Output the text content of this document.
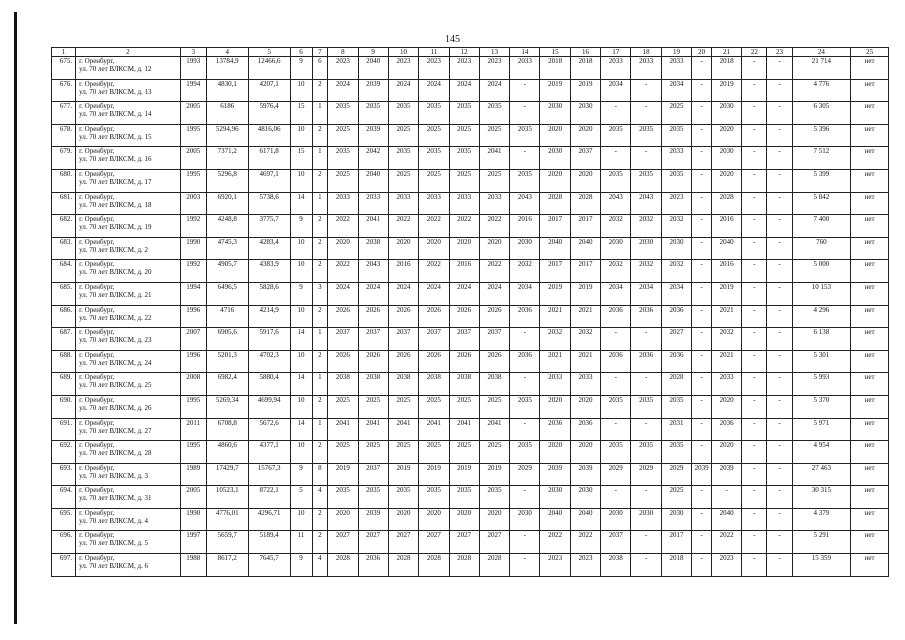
145
1	2	3	4	5	6	7	8	9	10	11	12	13	14	15	16	17	18	19	20	21	22	23	24	25
675.	г. Оренбург,
ул. 70 лет ВЛКСМ, д. 12	1993	13784,9	12466,6	9	6	2023	2040	2023	2023	2023	2023	2033	2018	2018	2033	2033	2033	-	2018	-	-	21 714	нет
676.	г. Оренбург,
ул. 70 лет ВЛКСМ, д. 13	1994	4830,1	4207,1	10	2	2024	2039	2024	2024	2024	2024	-	2019	2019	2034	-	2034	-	2019	-	-	4 776	нет
677.	г. Оренбург,
ул. 70 лет ВЛКСМ, д. 14	2005	6186	5976,4	15	1	2035	2035	2035	2035	2035	2035	-	2030	2030	-	-	2025	-	2030	-	-	6 305	нет
678.	г. Оренбург,
ул. 70 лет ВЛКСМ, д. 15	1995	5294,96	4816,06	10	2	2025	2039	2025	2025	2025	2025	2035	2020	2020	2035	2035	2035	-	2020	-	-	5 396	нет
679.	г. Оренбург,
ул. 70 лет ВЛКСМ, д. 16	2005	7371,2	6171,8	15	1	2035	2042	2035	2035	2035	2041	-	2030	2037	-	-	2033	-	2030	-	-	7 512	нет
680.	г. Оренбург,
ул. 70 лет ВЛКСМ, д. 17	1995	5296,8	4697,1	10	2	2025	2040	2025	2025	2025	2025	2035	2020	2020	2035	2035	2035	-	2020	-	-	5 399	нет
681.	г. Оренбург,
ул. 70 лет ВЛКСМ, д. 18	2003	6920,1	5738,6	14	1	2033	2033	2033	2033	2033	2033	2043	2028	2028	2043	2043	2023	-	2028	-	-	5 842	нет
682.	г. Оренбург,
ул. 70 лет ВЛКСМ, д. 19	1992	4248,8	3775,7	9	2	2022	2041	2022	2022	2022	2022	2016	2017	2017	2032	2032	2032	-	2016	-	-	7 400	нет
683.	г. Оренбург,
ул. 70 лет ВЛКСМ, д. 2	1990	4745,3	4283,4	10	2	2020	2038	2020	2020	2020	2020	2030	2040	2040	2030	2030	2030	-	2040	-	-	760	нет
684.	г. Оренбург,
ул. 70 лет ВЛКСМ, д. 20	1992	4905,7	4383,9	10	2	2022	2043	2016	2022	2016	2022	2032	2017	2017	2032	2032	2032	-	2016	-	-	5 000	нет
685.	г. Оренбург,
ул. 70 лет ВЛКСМ, д. 21	1994	6496,5	5828,6	9	3	2024	2024	2024	2024	2024	2024	2034	2019	2019	2034	2034	2034	-	2019	-	-	10 153	нет
686.	г. Оренбург,
ул. 70 лет ВЛКСМ, д. 22	1996	4716	4214,9	10	2	2026	2026	2026	2026	2026	2026	2036	2021	2021	2036	2036	2036	-	2021	-	-	4 296	нет
687.	г. Оренбург,
ул. 70 лет ВЛКСМ, д. 23	2007	6905,6	5917,6	14	1	2037	2037	2037	2037	2037	2037	-	2032	2032	-	-	2027	-	2032	-	-	6 138	нет
688.	г. Оренбург,
ул. 70 лет ВЛКСМ, д. 24	1996	5201,3	4702,3	10	2	2026	2026	2026	2026	2026	2026	2036	2021	2021	2036	2036	2036	-	2021	-	-	5 301	нет
689.	г. Оренбург,
ул. 70 лет ВЛКСМ, д. 25	2008	6982,4	5880,4	14	1	2038	2038	2038	2038	2038	2038	-	2033	2033	-	-	2028	-	2033	-	-	5 993	нет
690.	г. Оренбург,
ул. 70 лет ВЛКСМ, д. 26	1995	5269,34	4699,94	10	2	2025	2025	2025	2025	2025	2025	2035	2020	2020	2035	2035	2035	-	2020	-	-	5 370	нет
691.	г. Оренбург,
ул. 70 лет ВЛКСМ, д. 27	2011	6708,8	5672,6	14	1	2041	2041	2041	2041	2041	2041	-	2036	2036	-	-	2031	-	2036	-	-	5 971	нет
692.	г. Оренбург,
ул. 70 лет ВЛКСМ, д. 28	1995	4860,6	4377,1	10	2	2025	2025	2025	2025	2025	2025	2035	2020	2020	2035	2035	2035	-	2020	-	-	4 954	нет
693.	г. Оренбург,
ул. 70 лет ВЛКСМ, д. 3	1989	17429,7	15767,3	9	8	2019	2037	2019	2019	2019	2019	2029	2039	2039	2029	2029	2029	2039	2039	-	-	27 463	нет
694.	г. Оренбург,
ул. 70 лет ВЛКСМ, д. 31	2005	10523,1	8722,1	5	4	2035	2035	2035	2035	2035	2035	-	2030	2030	-	-	2025	-	-	-	-	30 315	нет
695.	г. Оренбург,
ул. 70 лет ВЛКСМ, д. 4	1990	4776,01	4296,71	10	2	2020	2039	2020	2020	2020	2020	2030	2040	2040	2030	2030	2030	-	2040	-	-	4 379	нет
696.	г. Оренбург,
ул. 70 лет ВЛКСМ, д. 5	1997	5659,7	5189,4	11	2	2027	2027	2027	2027	2027	2027	-	2022	2022	2037	-	2017	-	2022	-	-	5 291	нет
697.	г. Оренбург,
ул. 70 лет ВЛКСМ, д. 6	1988	8617,2	7645,7	9	4	2028	2036	2028	2028	2028	2028	-	2023	2023	2038	-	2018	-	2023	-	-	15 359	нет
